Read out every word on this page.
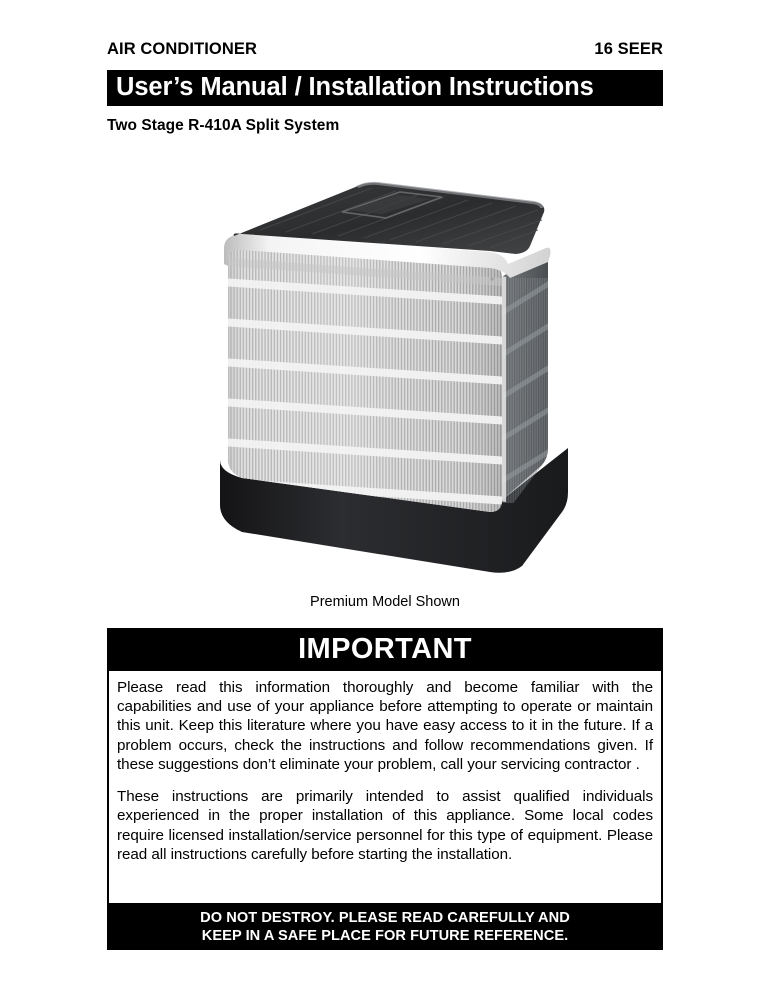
AIR CONDITIONER	16 SEER
User’s Manual / Installation Instructions
Two Stage R-410A Split System
Premium Model Shown
IMPORTANT

Please read this information thoroughly and become familiar with the capabilities and use of your appliance before attempting to operate or maintain this unit. Keep this literature where you have easy access to it in the future. If a problem occurs, check the instructions and follow recommendations given. If these suggestions don’t eliminate your problem, call your servicing contractor .

These instructions are primarily intended to assist qualified individuals experienced in the proper installation of this appliance. Some local codes require licensed installation/service personnel for this type of equipment. Please read all instructions carefully before starting the installation.

DO NOT DESTROY. PLEASE READ CAREFULLY AND
KEEP IN A SAFE PLACE FOR FUTURE REFERENCE.
